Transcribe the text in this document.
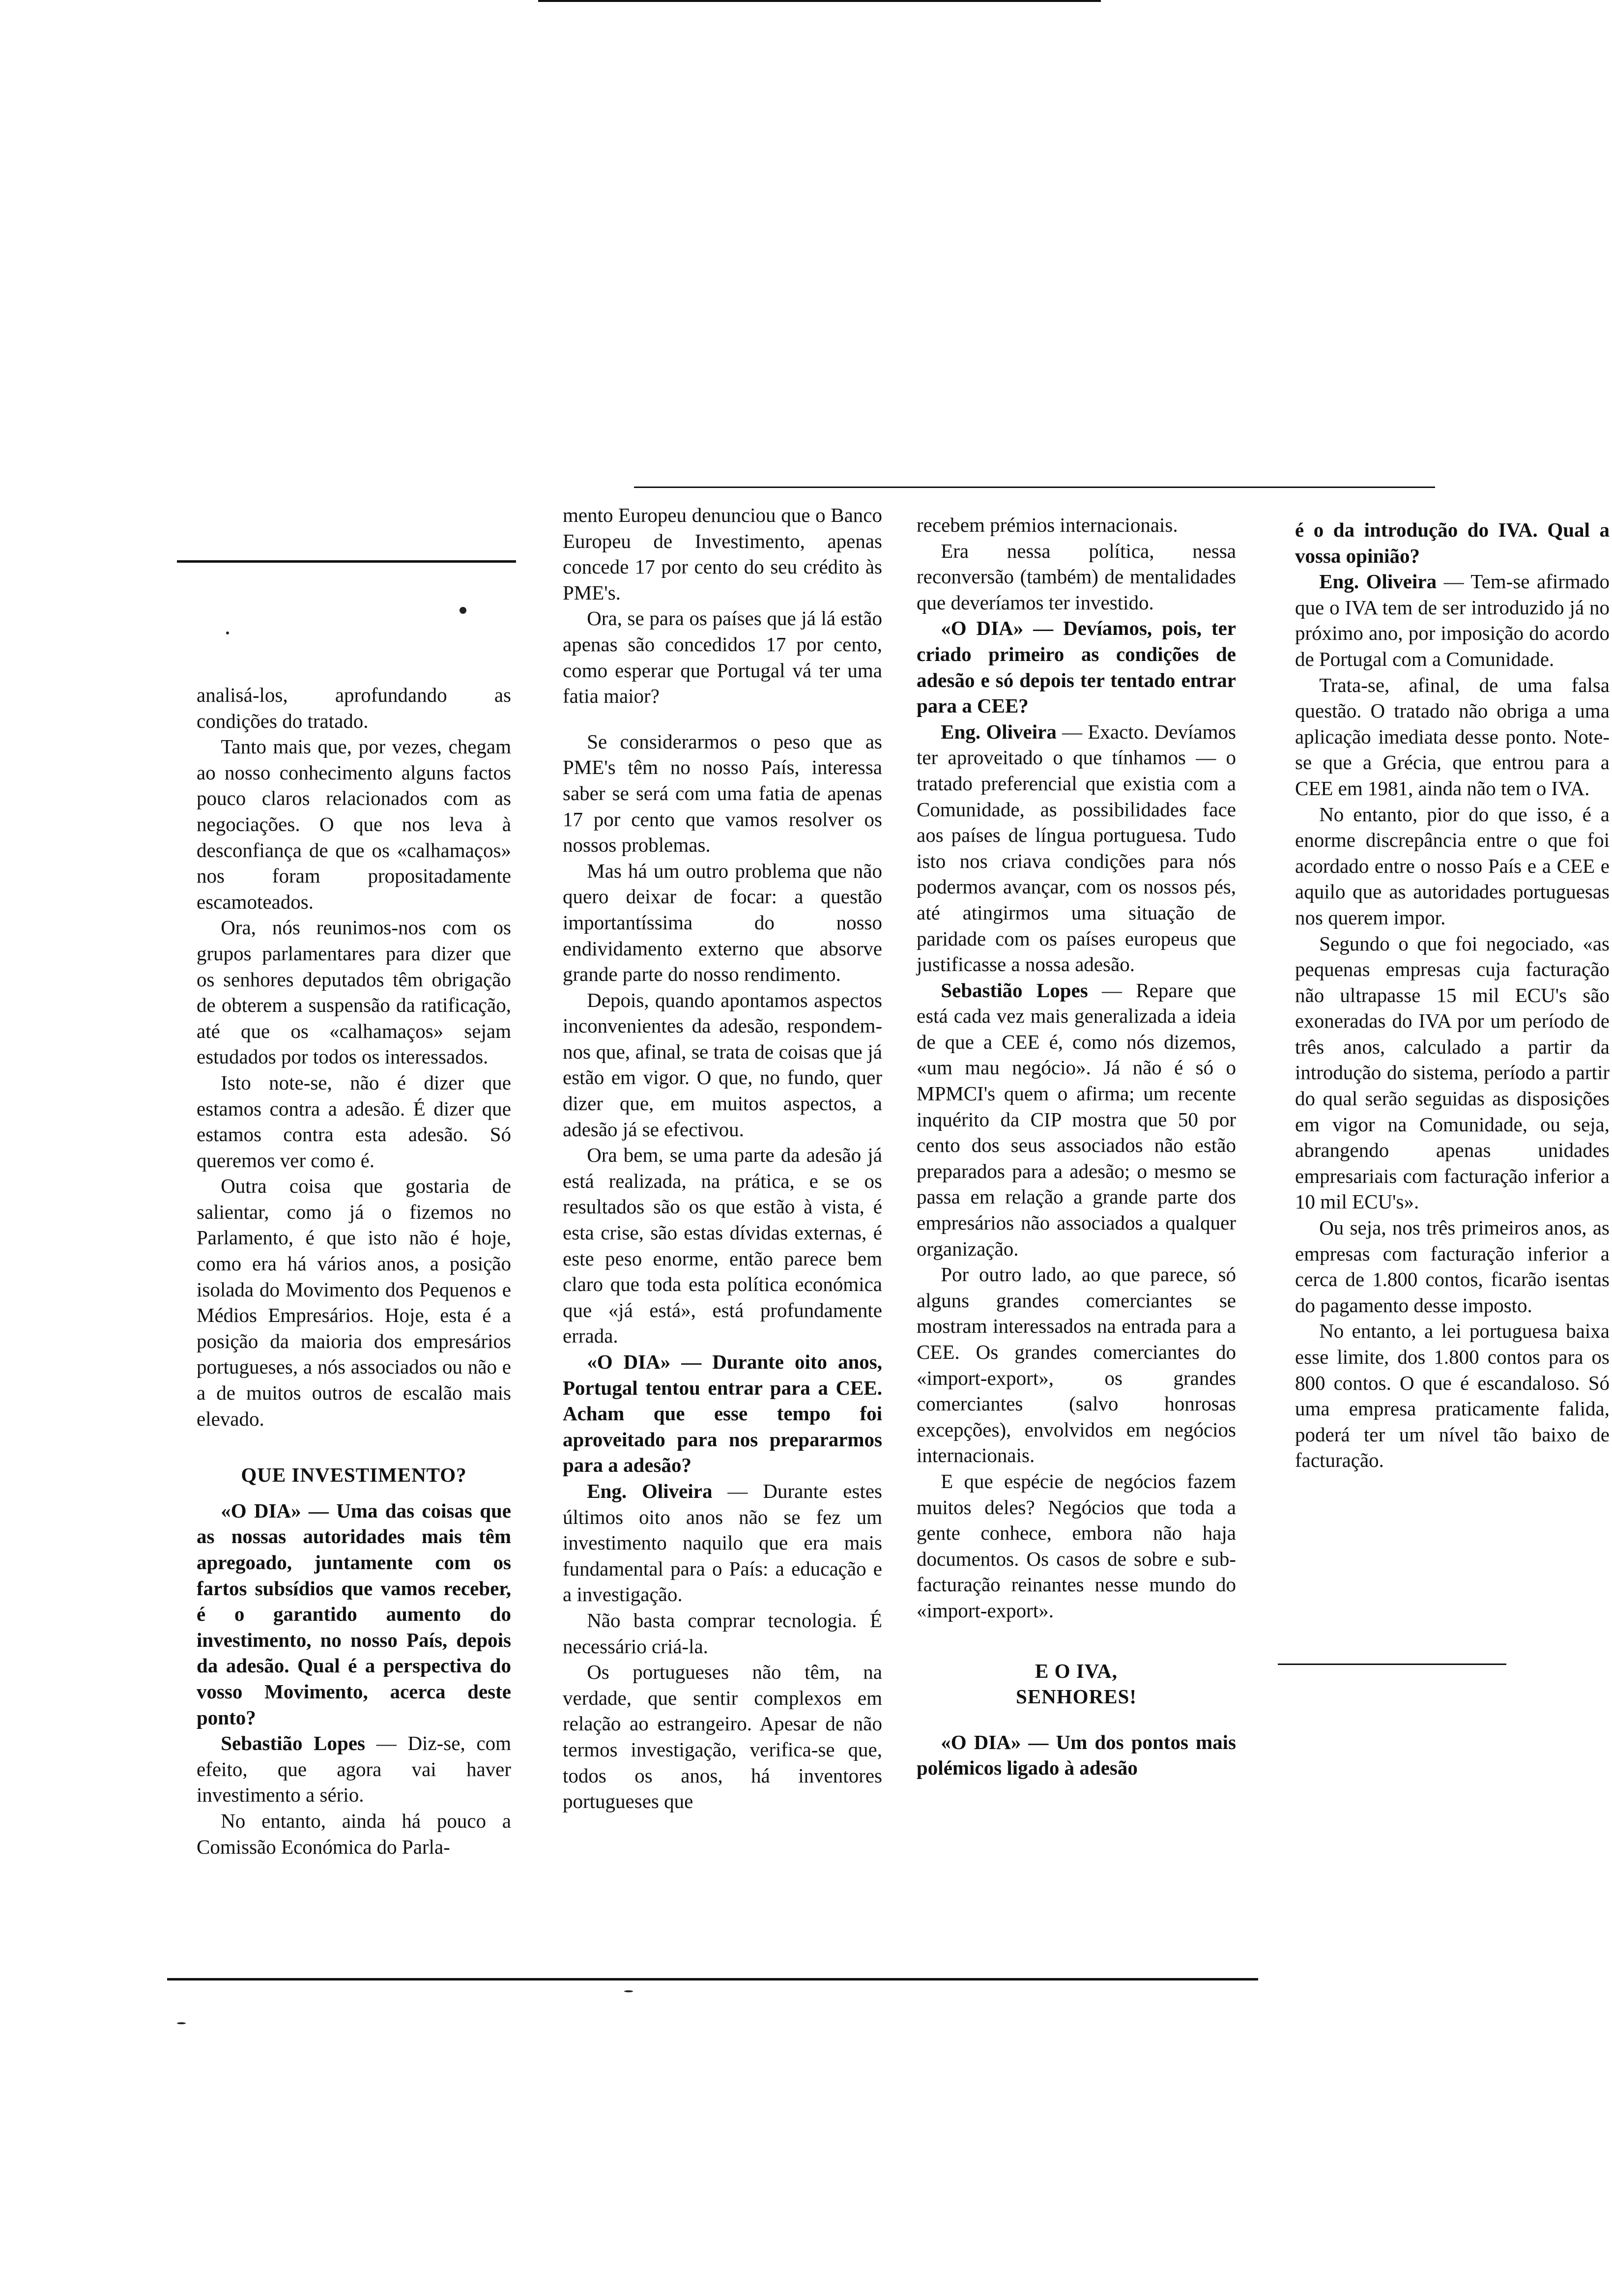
analisá-los, aprofundando as condições do tratado.

Tanto mais que, por vezes, chegam ao nosso conhecimento alguns factos pouco claros relacionados com as negociações. O que nos leva à desconfiança de que os «calhamaços» nos foram propositadamente escamoteados.

Ora, nós reunimos-nos com os grupos parlamentares para dizer que os senhores deputados têm obrigação de obterem a suspensão da ratificação, até que os «calhamaços» sejam estudados por todos os interessados.

Isto note-se, não é dizer que estamos contra a adesão. É dizer que estamos contra esta adesão. Só queremos ver como é.

Outra coisa que gostaria de salientar, como já o fizemos no Parlamento, é que isto não é hoje, como era há vários anos, a posição isolada do Movimento dos Pequenos e Médios Empresários. Hoje, esta é a posição da maioria dos empresários portugueses, a nós associados ou não e a de muitos outros de escalão mais elevado.

QUE INVESTIMENTO?

«O DIA» — Uma das coisas que as nossas autoridades mais têm apregoado, juntamente com os fartos subsídios que vamos receber, é o garantido aumento do investimento, no nosso País, depois da adesão. Qual é a perspectiva do vosso Movimento, acerca deste ponto?

Sebastião Lopes — Diz-se, com efeito, que agora vai haver investimento a sério.

No entanto, ainda há pouco a Comissão Económica do Parla-

mento Europeu denunciou que o Banco Europeu de Investimento, apenas concede 17 por cento do seu crédito às PME's.

Ora, se para os países que já lá estão apenas são concedidos 17 por cento, como esperar que Portugal vá ter uma fatia maior?

Se considerarmos o peso que as PME's têm no nosso País, interessa saber se será com uma fatia de apenas 17 por cento que vamos resolver os nossos problemas.

Mas há um outro problema que não quero deixar de focar: a questão importantíssima do nosso endividamento externo que absorve grande parte do nosso rendimento.

Depois, quando apontamos aspectos inconvenientes da adesão, respondem-nos que, afinal, se trata de coisas que já estão em vigor. O que, no fundo, quer dizer que, em muitos aspectos, a adesão já se efectivou.

Ora bem, se uma parte da adesão já está realizada, na prática, e se os resultados são os que estão à vista, é esta crise, são estas dívidas externas, é este peso enorme, então parece bem claro que toda esta política económica que «já está», está profundamente errada.

«O DIA» — Durante oito anos, Portugal tentou entrar para a CEE. Acham que esse tempo foi aproveitado para nos prepararmos para a adesão?

Eng. Oliveira — Durante estes últimos oito anos não se fez um investimento naquilo que era mais fundamental para o País: a educação e a investigação.

Não basta comprar tecnologia. É necessário criá-la.

Os portugueses não têm, na verdade, que sentir complexos em relação ao estrangeiro. Apesar de não termos investigação, verifica-se que, todos os anos, há inventores portugueses que

recebem prémios internacionais.

Era nessa política, nessa reconversão (também) de mentalidades que deveríamos ter investido.

«O DIA» — Devíamos, pois, ter criado primeiro as condições de adesão e só depois ter tentado entrar para a CEE?

Eng. Oliveira — Exacto. Devíamos ter aproveitado o que tínhamos — o tratado preferencial que existia com a Comunidade, as possibilidades face aos países de língua portuguesa. Tudo isto nos criava condições para nós podermos avançar, com os nossos pés, até atingirmos uma situação de paridade com os países europeus que justificasse a nossa adesão.

Sebastião Lopes — Repare que está cada vez mais generalizada a ideia de que a CEE é, como nós dizemos, «um mau negócio». Já não é só o MPMCI's quem o afirma; um recente inquérito da CIP mostra que 50 por cento dos seus associados não estão preparados para a adesão; o mesmo se passa em relação a grande parte dos empresários não associados a qualquer organização.

Por outro lado, ao que parece, só alguns grandes comerciantes se mostram interessados na entrada para a CEE. Os grandes comerciantes do «import-export», os grandes comerciantes (salvo honrosas excepções), envolvidos em negócios internacionais.

E que espécie de negócios fazem muitos deles? Negócios que toda a gente conhece, embora não haja documentos. Os casos de sobre e sub-facturação reinantes nesse mundo do «import-export».

E O IVA,

SENHORES!

«O DIA» — Um dos pontos mais polémicos ligado à adesão

é o da introdução do IVA. Qual a vossa opinião?

Eng. Oliveira — Tem-se afirmado que o IVA tem de ser introduzido já no próximo ano, por imposição do acordo de Portugal com a Comunidade.

Trata-se, afinal, de uma falsa questão. O tratado não obriga a uma aplicação imediata desse ponto. Note-se que a Grécia, que entrou para a CEE em 1981, ainda não tem o IVA.

No entanto, pior do que isso, é a enorme discrepância entre o que foi acordado entre o nosso País e a CEE e aquilo que as autoridades portuguesas nos querem impor.

Segundo o que foi negociado, «as pequenas empresas cuja facturação não ultrapasse 15 mil ECU's são exoneradas do IVA por um período de três anos, calculado a partir da introdução do sistema, período a partir do qual serão seguidas as disposições em vigor na Comunidade, ou seja, abrangendo apenas unidades empresariais com facturação inferior a 10 mil ECU's».

Ou seja, nos três primeiros anos, as empresas com facturação inferior a cerca de 1.800 contos, ficarão isentas do pagamento desse imposto.

No entanto, a lei portuguesa baixa esse limite, dos 1.800 contos para os 800 contos. O que é escandaloso. Só uma empresa praticamente falida, poderá ter um nível tão baixo de facturação.
